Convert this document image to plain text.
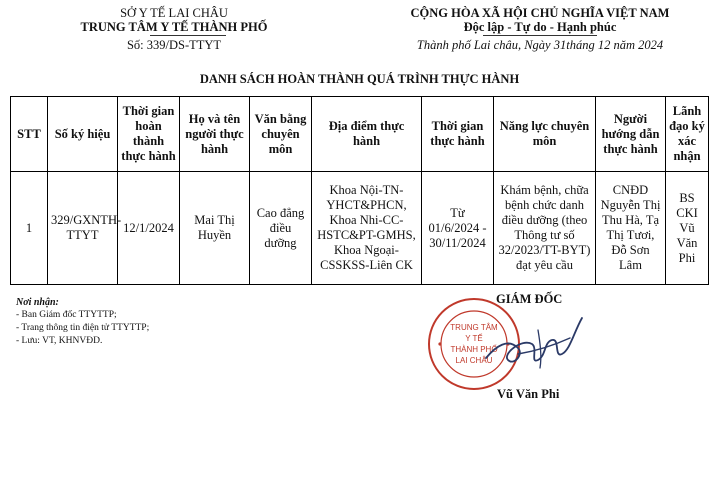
SỞ Y TẾ LAI CHÂU
TRUNG TÂM Y TẾ THÀNH PHỐ
Số: 339/DS-TTYT
CỘNG HÒA XÃ HỘI CHỦ NGHĨA VIỆT NAM
Độc lập - Tự do - Hạnh phúc
Thành phố Lai châu, Ngày 31tháng 12 năm 2024
DANH SÁCH HOÀN THÀNH QUÁ TRÌNH THỰC HÀNH
STT	Số ký hiệu	Thời gian hoàn thành thực hành	Họ và tên người thực hành	Văn bằng chuyên môn	Địa điểm thực hành	Thời gian thực hành	Năng lực chuyên môn	Người hướng dẫn thực hành	Lãnh đạo ký xác nhận
1	329/GXNTH-TTYT	12/1/2024	Mai Thị Huyền	Cao đẳng điều dưỡng	Khoa Nội-TN-YHCT&PHCN, Khoa Nhi-CC-HSTC&PT-GMHS, Khoa Ngoại-CSSKSS-Liên CK	Từ 01/6/2024 - 30/11/2024	Khám bệnh, chữa bệnh chức danh điều dưỡng (theo Thông tư số 32/2023/TT-BYT) đạt yêu cầu	CNĐD Nguyễn Thị Thu Hà, Tạ Thị Tươi, Đỗ Sơn Lâm	BS CKI Vũ Văn Phi
Nơi nhận:
- Ban Giám đốc TTYTTP;
- Trang thông tin điện tử TTYTTP;
- Lưu: VT, KHNVĐD.
GIÁM ĐỐC
TRUNG TÂM
Y TẾ
THÀNH PHỐ
LAI CHÂU
Vũ Văn Phi
